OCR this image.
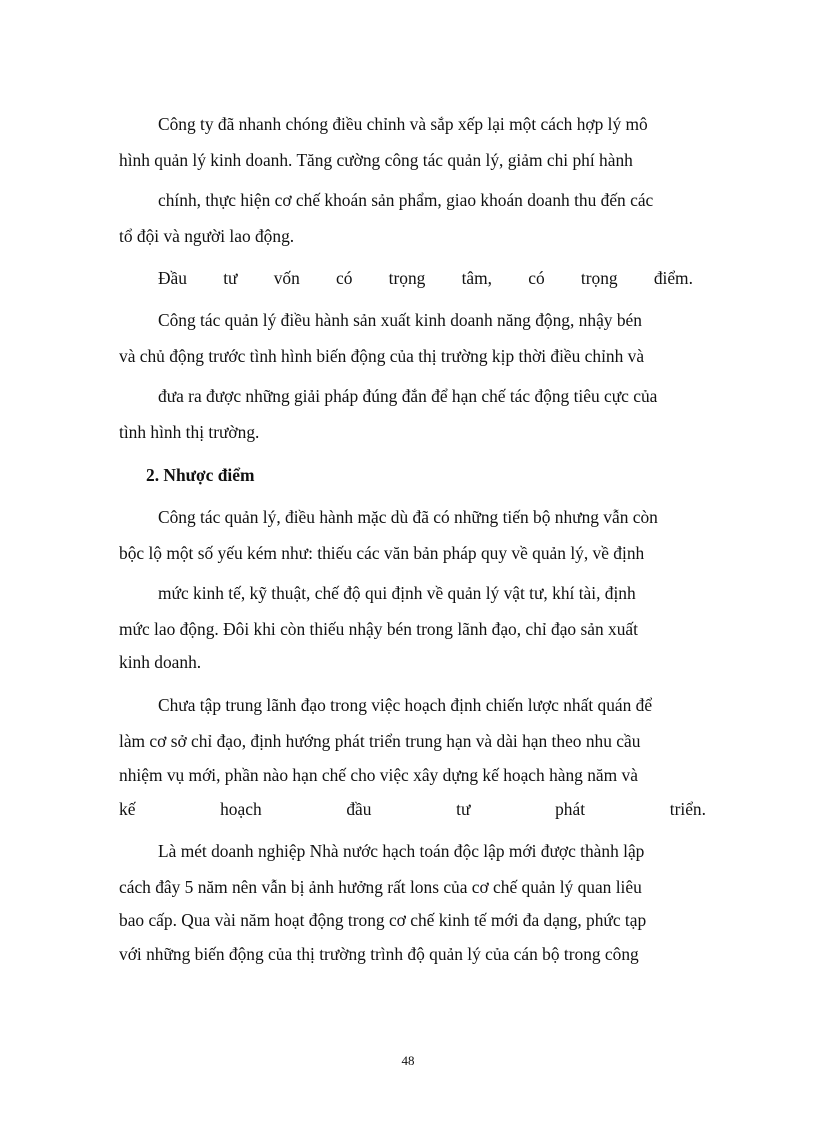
Công ty đã nhanh chóng điều chỉnh và sắp xếp lại một cách hợp lý mô
hình quản lý kinh doanh. Tăng cường công tác quản lý, giảm chi phí hành
chính, thực hiện cơ chế khoán sản phẩm, giao khoán doanh thu đến các
tổ đội và người lao động.
Đầu tư vốn có trọng tâm, có trọng điểm.
Công tác quản lý điều hành sản xuất kinh doanh năng động, nhậy bén
và chủ động trước tình hình biến động của thị trường kịp thời điều chỉnh và
đưa ra được những giải pháp đúng đắn để hạn chế tác động tiêu cực của
tình hình thị trường.
2. Nhược điểm
Công tác quản lý, điều hành mặc dù đã có những tiến bộ nhưng vẫn còn
bộc lộ một số yếu kém như: thiếu các văn bản pháp quy về quản lý, về định
mức kinh tế, kỹ thuật, chế độ qui định về quản lý vật tư, khí tài, định
mức lao động. Đôi khi còn thiếu nhậy bén trong lãnh đạo, chỉ đạo sản xuất
kinh doanh.
Chưa tập trung lãnh đạo trong việc hoạch định chiến lược nhất quán để
làm cơ sở chỉ đạo, định hướng phát triển trung hạn và dài hạn theo nhu cầu
nhiệm vụ mới, phần nào hạn chế cho việc xây dựng kế hoạch hàng năm và
kế	hoạch	đầu	tư	phát	triển.
Là mét doanh nghiệp Nhà nước hạch toán độc lập mới được thành lập
cách đây 5 năm nên vẫn bị ảnh hưởng rất lons của cơ chế quản lý quan liêu
bao cấp. Qua vài năm hoạt động trong cơ chế kinh tế mới đa dạng, phức tạp
với những biến động của thị trường trình độ quản lý của cán bộ trong công
48
